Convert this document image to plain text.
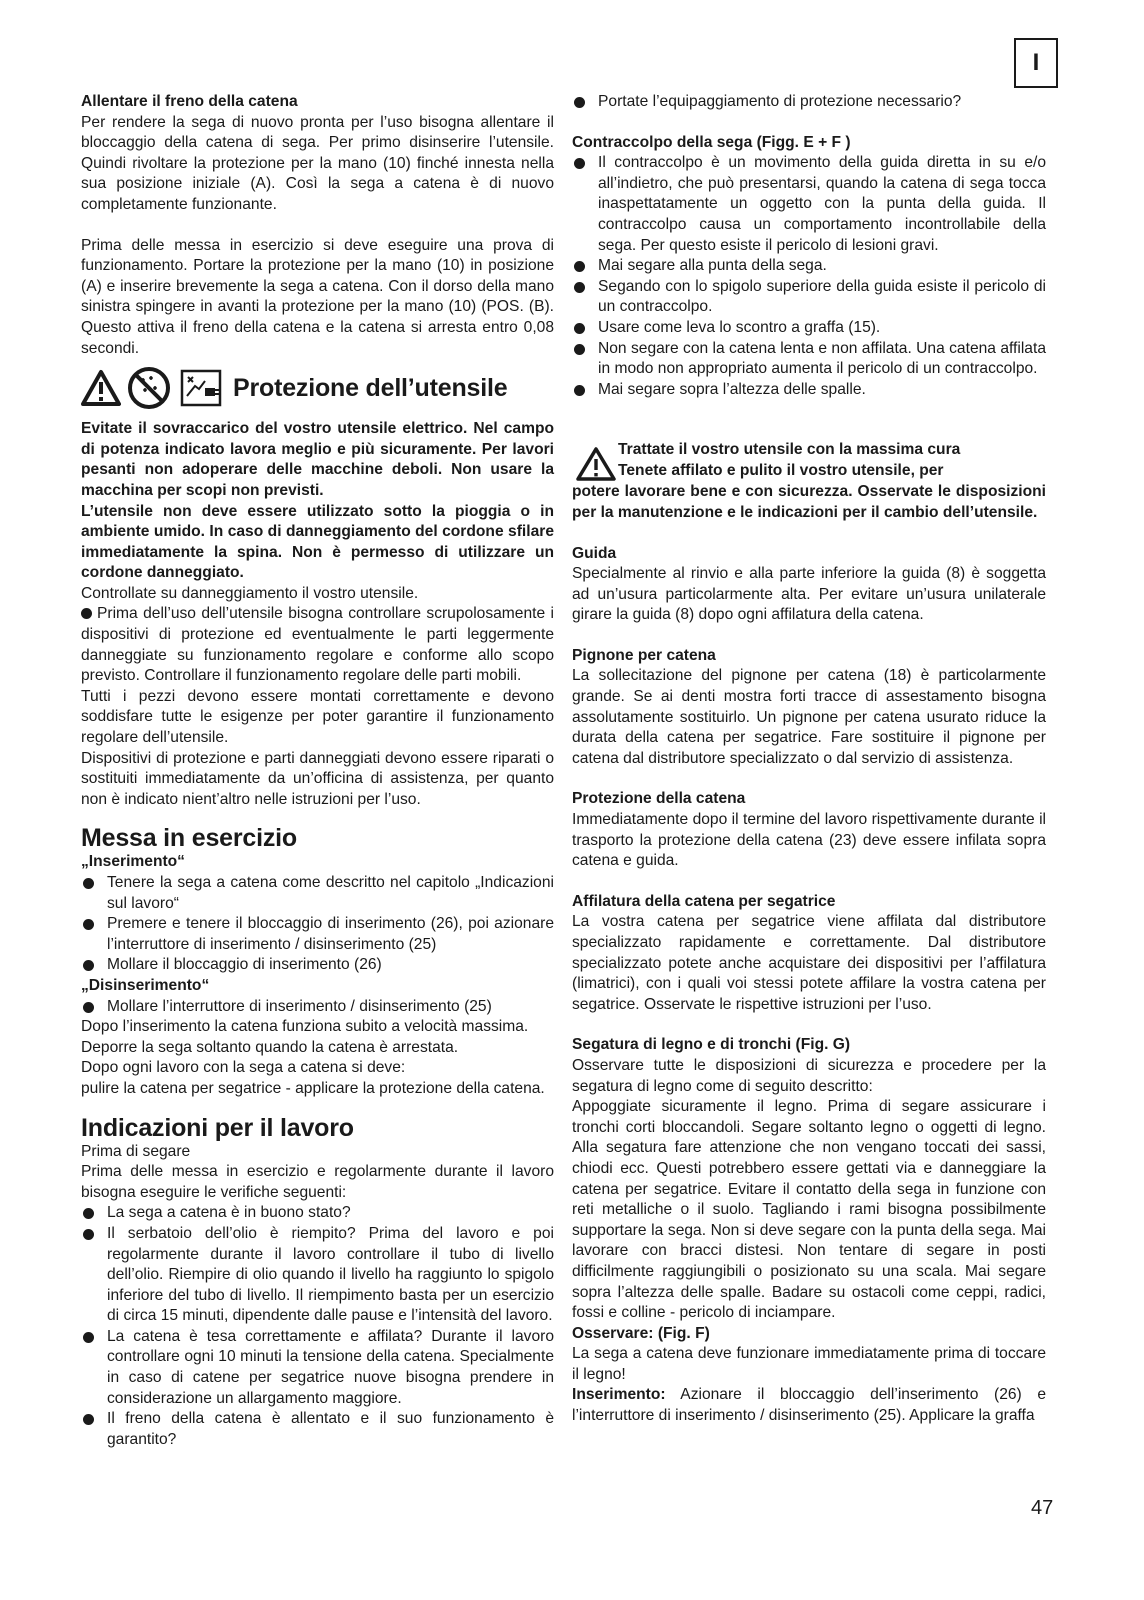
I

Allentare il freno della catena

Per rendere la sega di nuovo pronta per l’uso bisogna allentare il bloccaggio della catena di sega. Per primo disinserire l’utensile. Quindi rivoltare la protezione per la mano (10) finché innesta nella sua posizione iniziale (A). Così la sega a catena è di nuovo completamente funzionante.

Prima delle messa in esercizio si deve eseguire una prova di funzionamento. Portare la protezione per la mano (10) in posizione (A) e inserire brevemente la sega a catena. Con il dorso della mano sinistra spingere in avanti la protezione per la mano (10) (POS. (B). Questo attiva il freno della catena e la catena si arresta entro 0,08 secondi.

Protezione dell’utensile

Evitate il sovraccarico del vostro utensile elettrico. Nel campo di potenza indicato lavora meglio e più sicuramente. Per lavori pesanti non adoperare delle macchine deboli. Non usare la macchina per scopi non previsti.

L’utensile non deve essere utilizzato sotto la pioggia o in ambiente umido. In caso di danneggiamento del cordone sfilare immediatamente la spina. Non è permesso di utilizzare un cordone danneggiato.

Controllate su danneggiamento il vostro utensile.

Prima dell’uso dell’utensile bisogna controllare scrupolosamente i dispositivi di protezione ed eventualmente le parti leggermente danneggiate su funzionamento regolare e conforme allo scopo previsto. Controllare il funzionamento regolare delle parti mobili.

Tutti i pezzi devono essere montati correttamente e devono soddisfare tutte le esigenze per poter garantire il funzionamento regolare dell’utensile.

Dispositivi di protezione e parti danneggiati devono essere riparati o sostituiti immediatamente da un’officina di assistenza, per quanto non è indicato nient’altro nelle istruzioni per l’uso.

Messa in esercizio

„Inserimento“

Tenere la sega a catena come descritto nel capitolo „Indicazioni sul lavoro“
Premere e tenere il bloccaggio di inserimento (26), poi azionare l’interruttore di inserimento / disinserimento (25)
Mollare il bloccaggio di inserimento (26)

„Disinserimento“

Mollare l’interruttore di inserimento / disinserimento (25)

Dopo l’inserimento la catena funziona subito a velocità massima.

Deporre la sega soltanto quando la catena è arrestata.

Dopo ogni lavoro con la sega a catena si deve:

pulire la catena per segatrice - applicare la protezione della catena.

Indicazioni per il lavoro

Prima di segare

Prima delle messa in esercizio e regolarmente durante il lavoro bisogna eseguire le verifiche seguenti:

La sega a catena è in buono stato?
Il serbatoio dell’olio è riempito? Prima del lavoro e poi regolarmente durante il lavoro controllare il tubo di livello dell’olio. Riempire di olio quando il livello ha raggiunto lo spigolo inferiore del tubo di livello. Il riempimento basta per un esercizio di circa 15 minuti, dipendente dalle pause e l’intensità del lavoro.
La catena è tesa correttamente e affilata? Durante il lavoro controllare ogni 10 minuti la tensione della catena. Specialmente in caso di catene per segatrice nuove bisogna prendere in considerazione un allargamento maggiore.
Il freno della catena è allentato e il suo funzionamento è garantito?
Portate l’equipaggiamento di protezione necessario?

Contraccolpo della sega (Figg. E + F )

Il contraccolpo è un movimento della guida diretta in su e/o all’indietro, che può presentarsi, quando la catena di sega tocca inaspettatamente un oggetto con la punta della guida. Il contraccolpo causa un comportamento incontrollabile della sega. Per questo esiste il pericolo di lesioni gravi.
Mai segare alla punta della sega.
Segando con lo spigolo superiore della guida esiste il pericolo di un contraccolpo.
Usare come leva lo scontro a graffa (15).
Non segare con la catena lenta e non affilata. Una catena affilata in modo non appropriato aumenta il pericolo di un contraccolpo.
Mai segare sopra l’altezza delle spalle.

Trattate il vostro utensile con la massima cura

Tenete affilato e pulito il vostro utensile, per

potere lavorare bene e con sicurezza. Osservate le disposizioni per la manutenzione e le indicazioni per il cambio dell’utensile.

Guida

Specialmente al rinvio e alla parte inferiore la guida (8) è soggetta ad un’usura particolarmente alta. Per evitare un’usura unilaterale girare la guida (8) dopo ogni affilatura della catena.

Pignone per catena

La sollecitazione del pignone per catena (18) è particolarmente grande. Se ai denti mostra forti tracce di assestamento bisogna assolutamente sostituirlo. Un pignone per catena usurato riduce la durata della catena per segatrice. Fare sostituire il pignone per catena dal distributore specializzato o dal servizio di assistenza.

Protezione della catena

Immediatamente dopo il termine del lavoro rispettivamente durante il trasporto la protezione della catena (23) deve essere infilata sopra catena e guida.

Affilatura della catena per segatrice

La vostra catena per segatrice viene affilata dal distributore specializzato rapidamente e correttamente. Dal distributore specializzato potete anche acquistare dei dispositivi per l’affilatura (limatrici), con i quali voi stessi potete affilare la vostra catena per segatrice. Osservate le rispettive istruzioni per l’uso.

Segatura di legno e di tronchi (Fig. G)

Osservare tutte le disposizioni di sicurezza e procedere per la segatura di legno come di seguito descritto:

Appoggiate sicuramente il legno. Prima di segare assicurare i tronchi corti bloccandoli. Segare soltanto legno o oggetti di legno. Alla segatura fare attenzione che non vengano toccati dei sassi, chiodi ecc. Questi potrebbero essere gettati via e danneggiare la catena per segatrice. Evitare il contatto della sega in funzione con reti metalliche o il suolo. Tagliando i rami bisogna possibilmente supportare la sega. Non si deve segare con la punta della sega. Mai lavorare con bracci distesi. Non tentare di segare in posti difficilmente raggiungibili o posizionato su una scala. Mai segare sopra l’altezza delle spalle. Badare su ostacoli come ceppi, radici, fossi e colline - pericolo di inciampare.

Osservare: (Fig. F)

La sega a catena deve funzionare immediatamente prima di toccare il legno!

Inserimento: Azionare il bloccaggio dell’inserimento (26) e l’interruttore di inserimento / disinserimento (25). Applicare la graffa

47
